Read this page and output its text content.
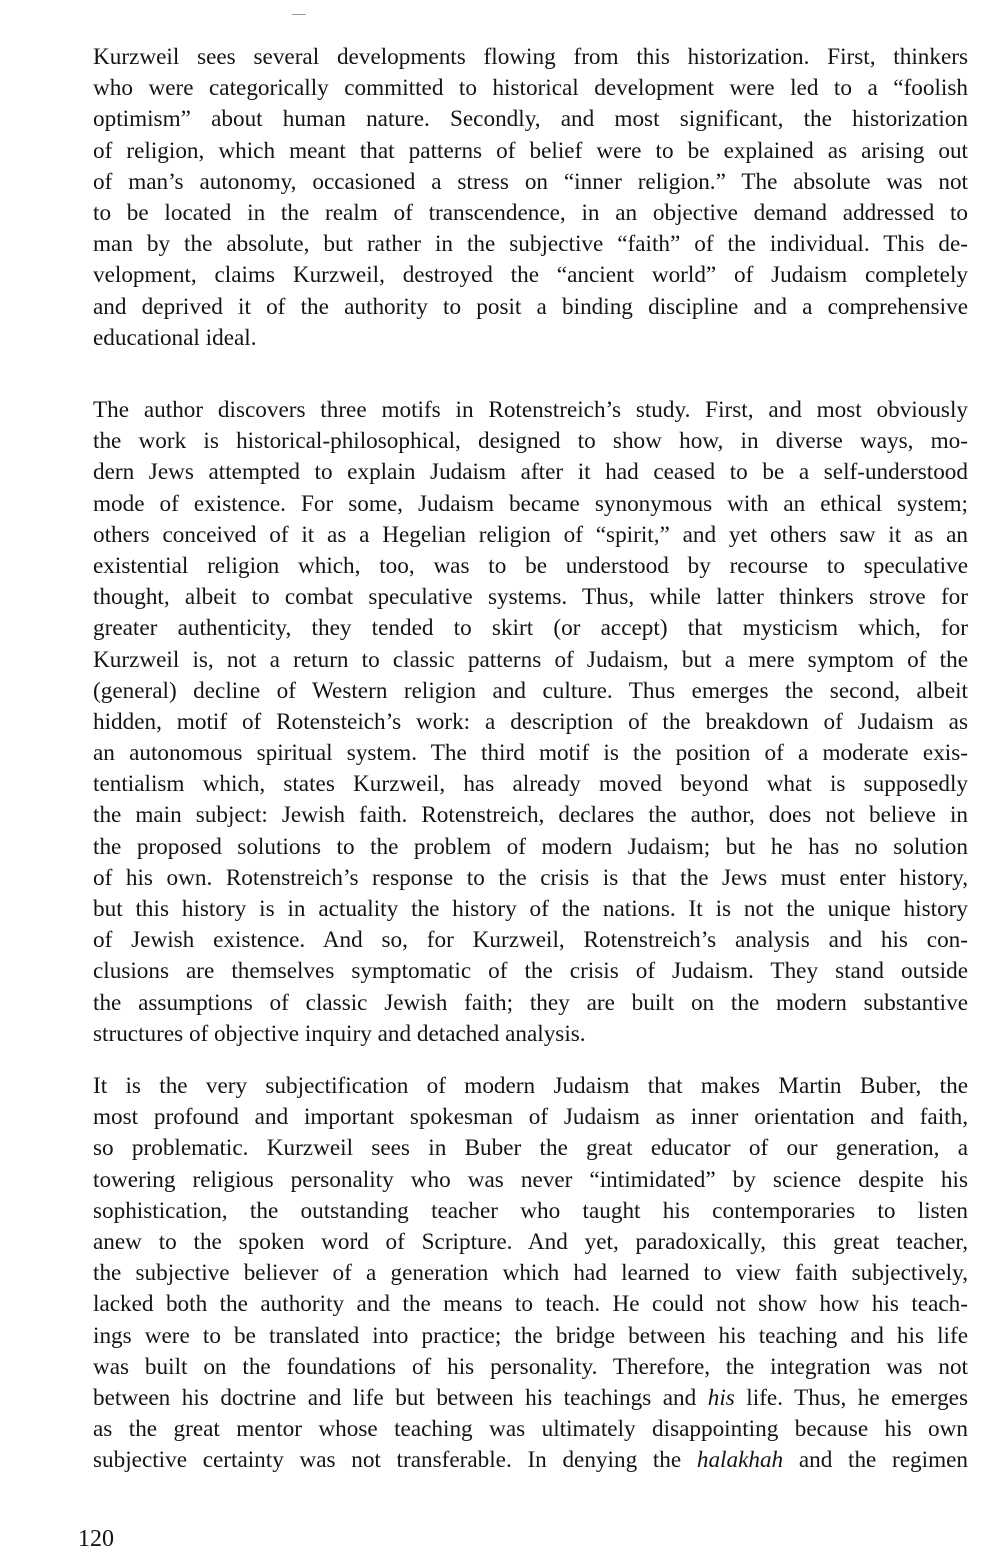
Kurzweil sees several developments flowing from this historization. First, thinkers
who were categorically committed to historical development were led to a “foolish
optimism” about human nature. Secondly, and most significant, the historization
of religion, which meant that patterns of belief were to be explained as arising out
of man’s autonomy, occasioned a stress on “inner religion.” The absolute was not
to be located in the realm of transcendence, in an objective demand addressed to
man by the absolute, but rather in the subjective “faith” of the individual. This de-
velopment, claims Kurzweil, destroyed the “ancient world” of Judaism completely
and deprived it of the authority to posit a binding discipline and a comprehensive
educational ideal.
The author discovers three motifs in Rotenstreich’s study. First, and most obviously
the work is historical-philosophical, designed to show how, in diverse ways, mo-
dern Jews attempted to explain Judaism after it had ceased to be a self-understood
mode of existence. For some, Judaism became synonymous with an ethical system;
others conceived of it as a Hegelian religion of “spirit,” and yet others saw it as an
existential religion which, too, was to be understood by recourse to speculative
thought, albeit to combat speculative systems. Thus, while latter thinkers strove for
greater authenticity, they tended to skirt (or accept) that mysticism which, for
Kurzweil is, not a return to classic patterns of Judaism, but a mere symptom of the
(general) decline of Western religion and culture. Thus emerges the second, albeit
hidden, motif of Rotensteich’s work: a description of the breakdown of Judaism as
an autonomous spiritual system. The third motif is the position of a moderate exis-
tentialism which, states Kurzweil, has already moved beyond what is supposedly
the main subject: Jewish faith. Rotenstreich, declares the author, does not believe in
the proposed solutions to the problem of modern Judaism; but he has no solution
of his own. Rotenstreich’s response to the crisis is that the Jews must enter history,
but this history is in actuality the history of the nations. It is not the unique history
of Jewish existence. And so, for Kurzweil, Rotenstreich’s analysis and his con-
clusions are themselves symptomatic of the crisis of Judaism. They stand outside
the assumptions of classic Jewish faith; they are built on the modern substantive
structures of objective inquiry and detached analysis.
It is the very subjectification of modern Judaism that makes Martin Buber, the
most profound and important spokesman of Judaism as inner orientation and faith,
so problematic. Kurzweil sees in Buber the great educator of our generation, a
towering religious personality who was never “intimidated” by science despite his
sophistication, the outstanding teacher who taught his contemporaries to listen
anew to the spoken word of Scripture. And yet, paradoxically, this great teacher,
the subjective believer of a generation which had learned to view faith subjectively,
lacked both the authority and the means to teach. He could not show how his teach-
ings were to be translated into practice; the bridge between his teaching and his life
was built on the foundations of his personality. Therefore, the integration was not
between his doctrine and life but between his teachings and his life. Thus, he emerges
as the great mentor whose teaching was ultimately disappointing because his own
subjective certainty was not transferable. In denying the halakhah and the regimen
120
